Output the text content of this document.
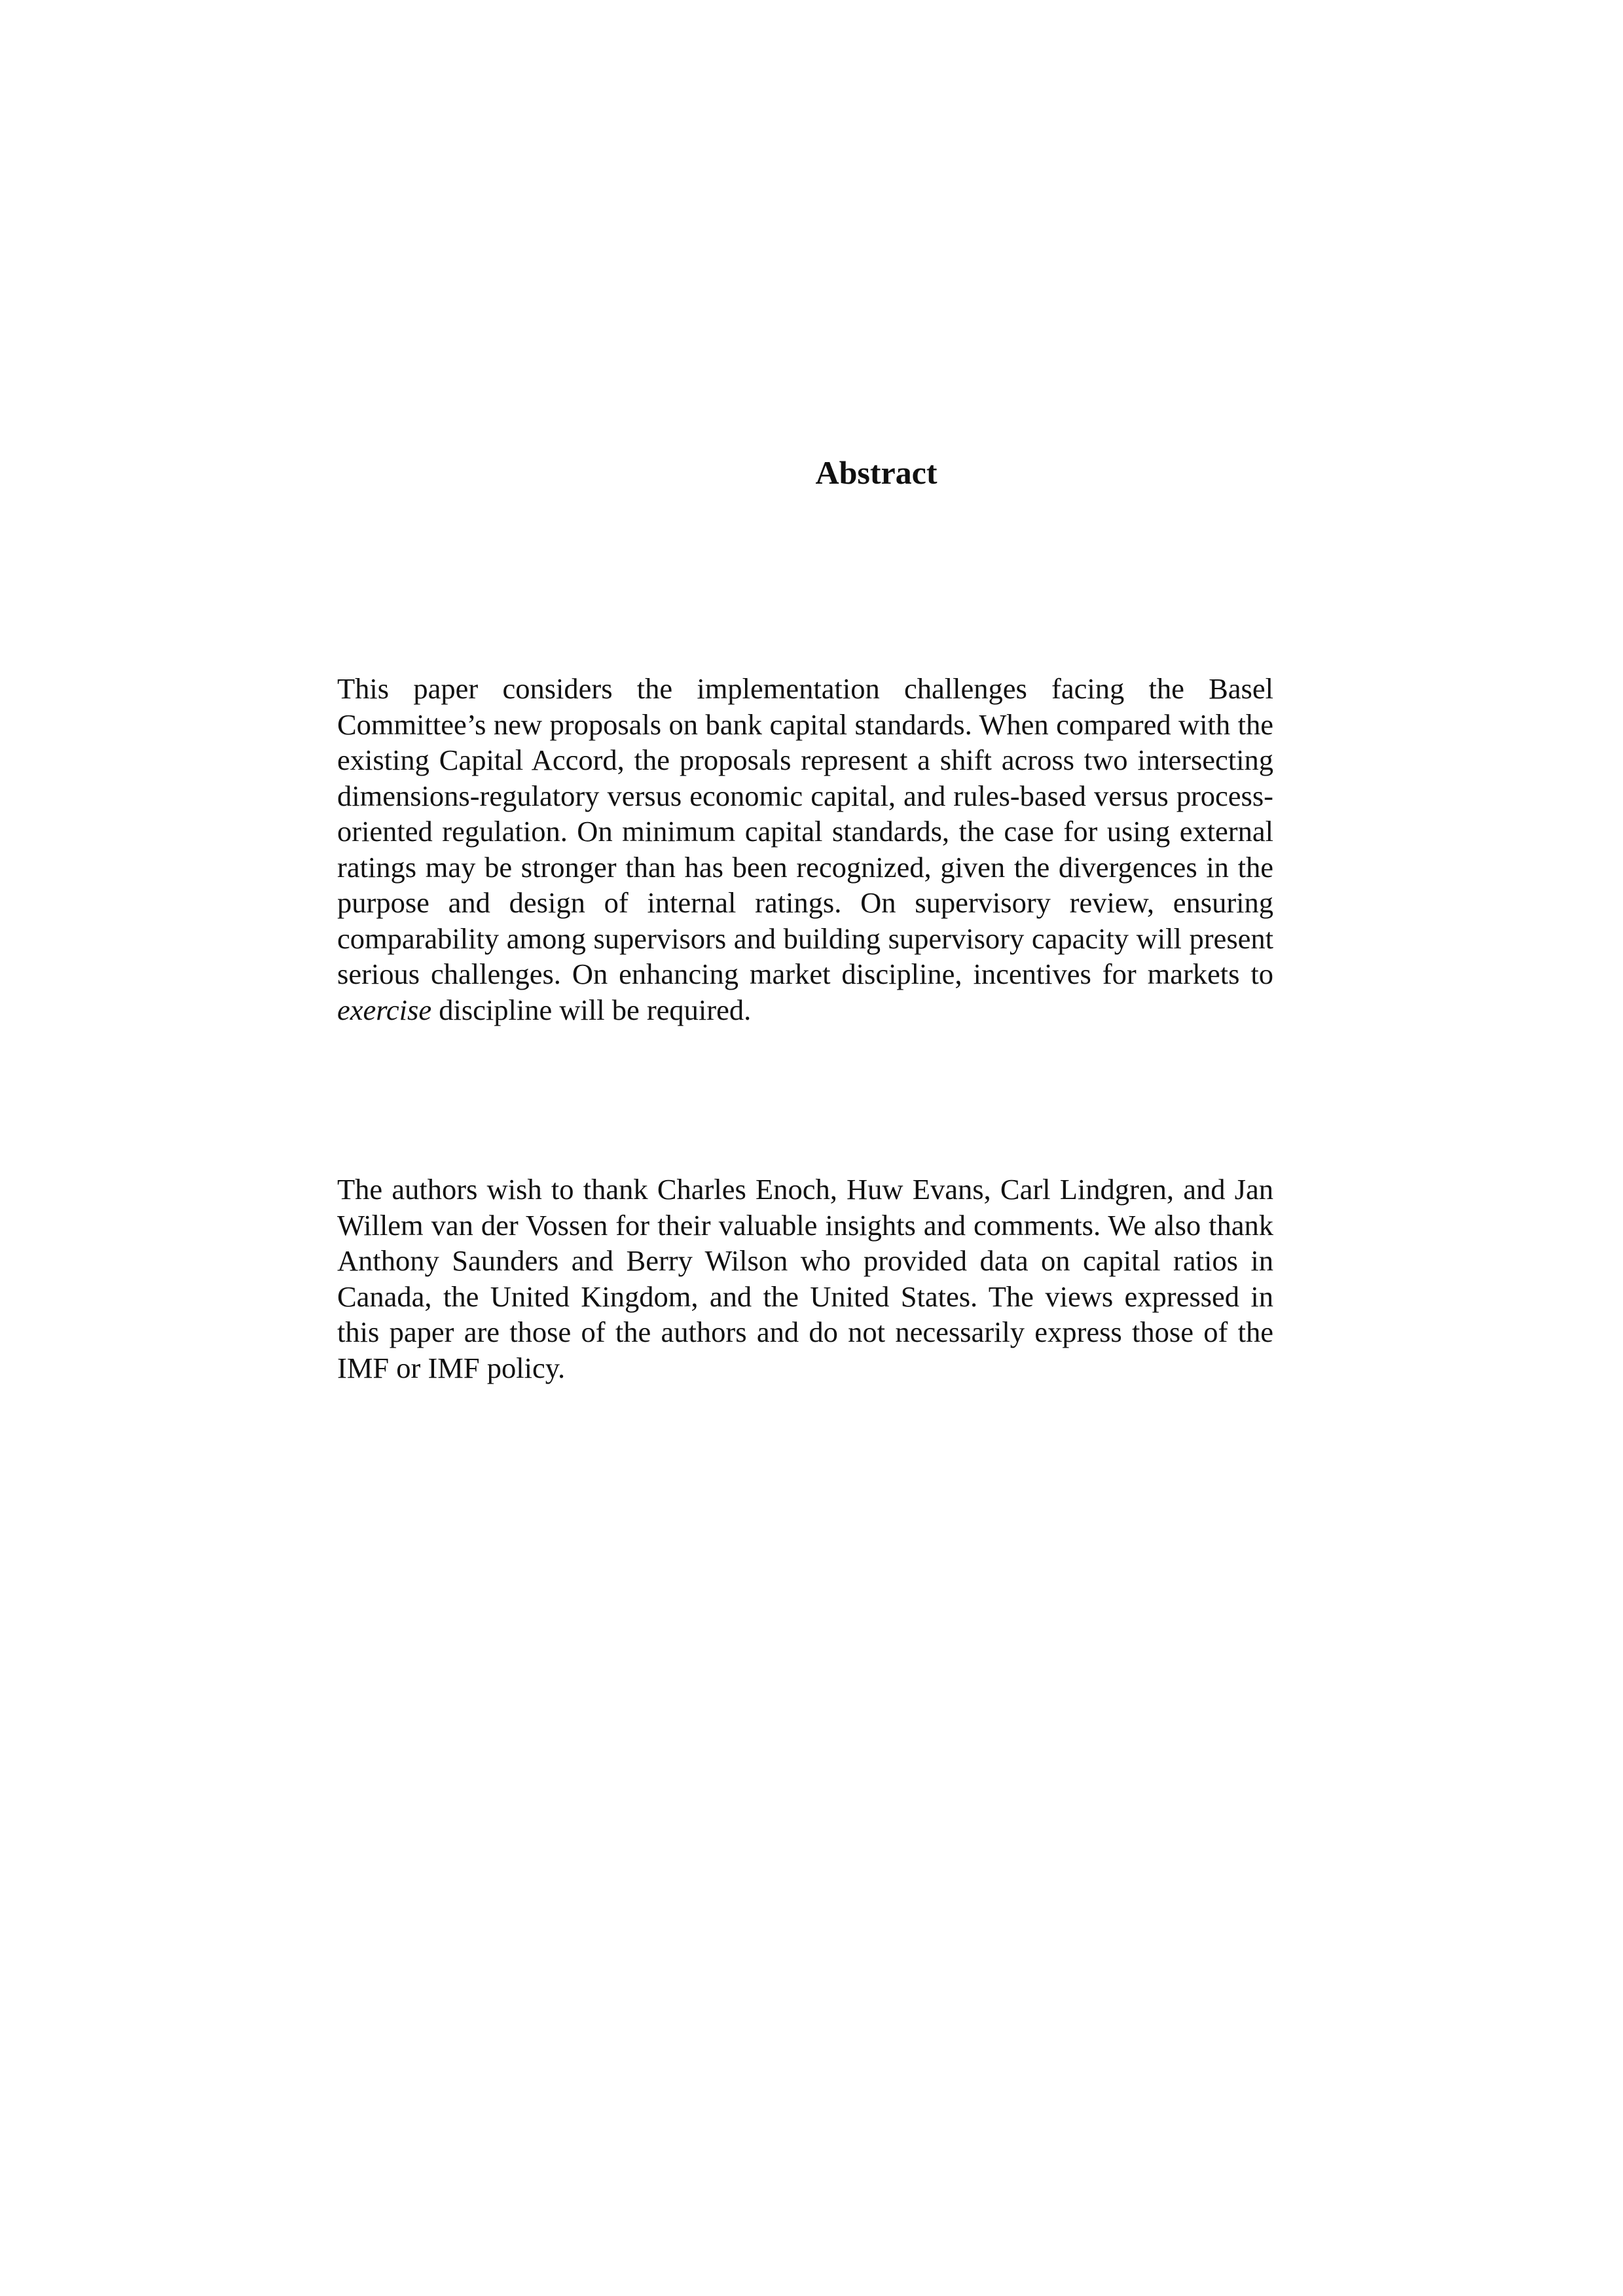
Abstract

This paper considers the implementation challenges facing the Basel Committee’s new proposals on bank capital standards. When compared with the existing Capital Accord, the proposals represent a shift across two intersecting dimensions-regulatory versus economic capital, and rules-based versus process-oriented regulation. On minimum capital standards, the case for using external ratings may be stronger than has been recognized, given the divergences in the purpose and design of internal ratings. On supervisory review, ensuring comparability among supervisors and building supervisory capacity will present serious challenges. On enhancing market discipline, incentives for markets to exercise discipline will be required.

The authors wish to thank Charles Enoch, Huw Evans, Carl Lindgren, and Jan Willem van der Vossen for their valuable insights and comments. We also thank Anthony Saunders and Berry Wilson who provided data on capital ratios in Canada, the United Kingdom, and the United States. The views expressed in this paper are those of the authors and do not necessarily express those of the IMF or IMF policy.
